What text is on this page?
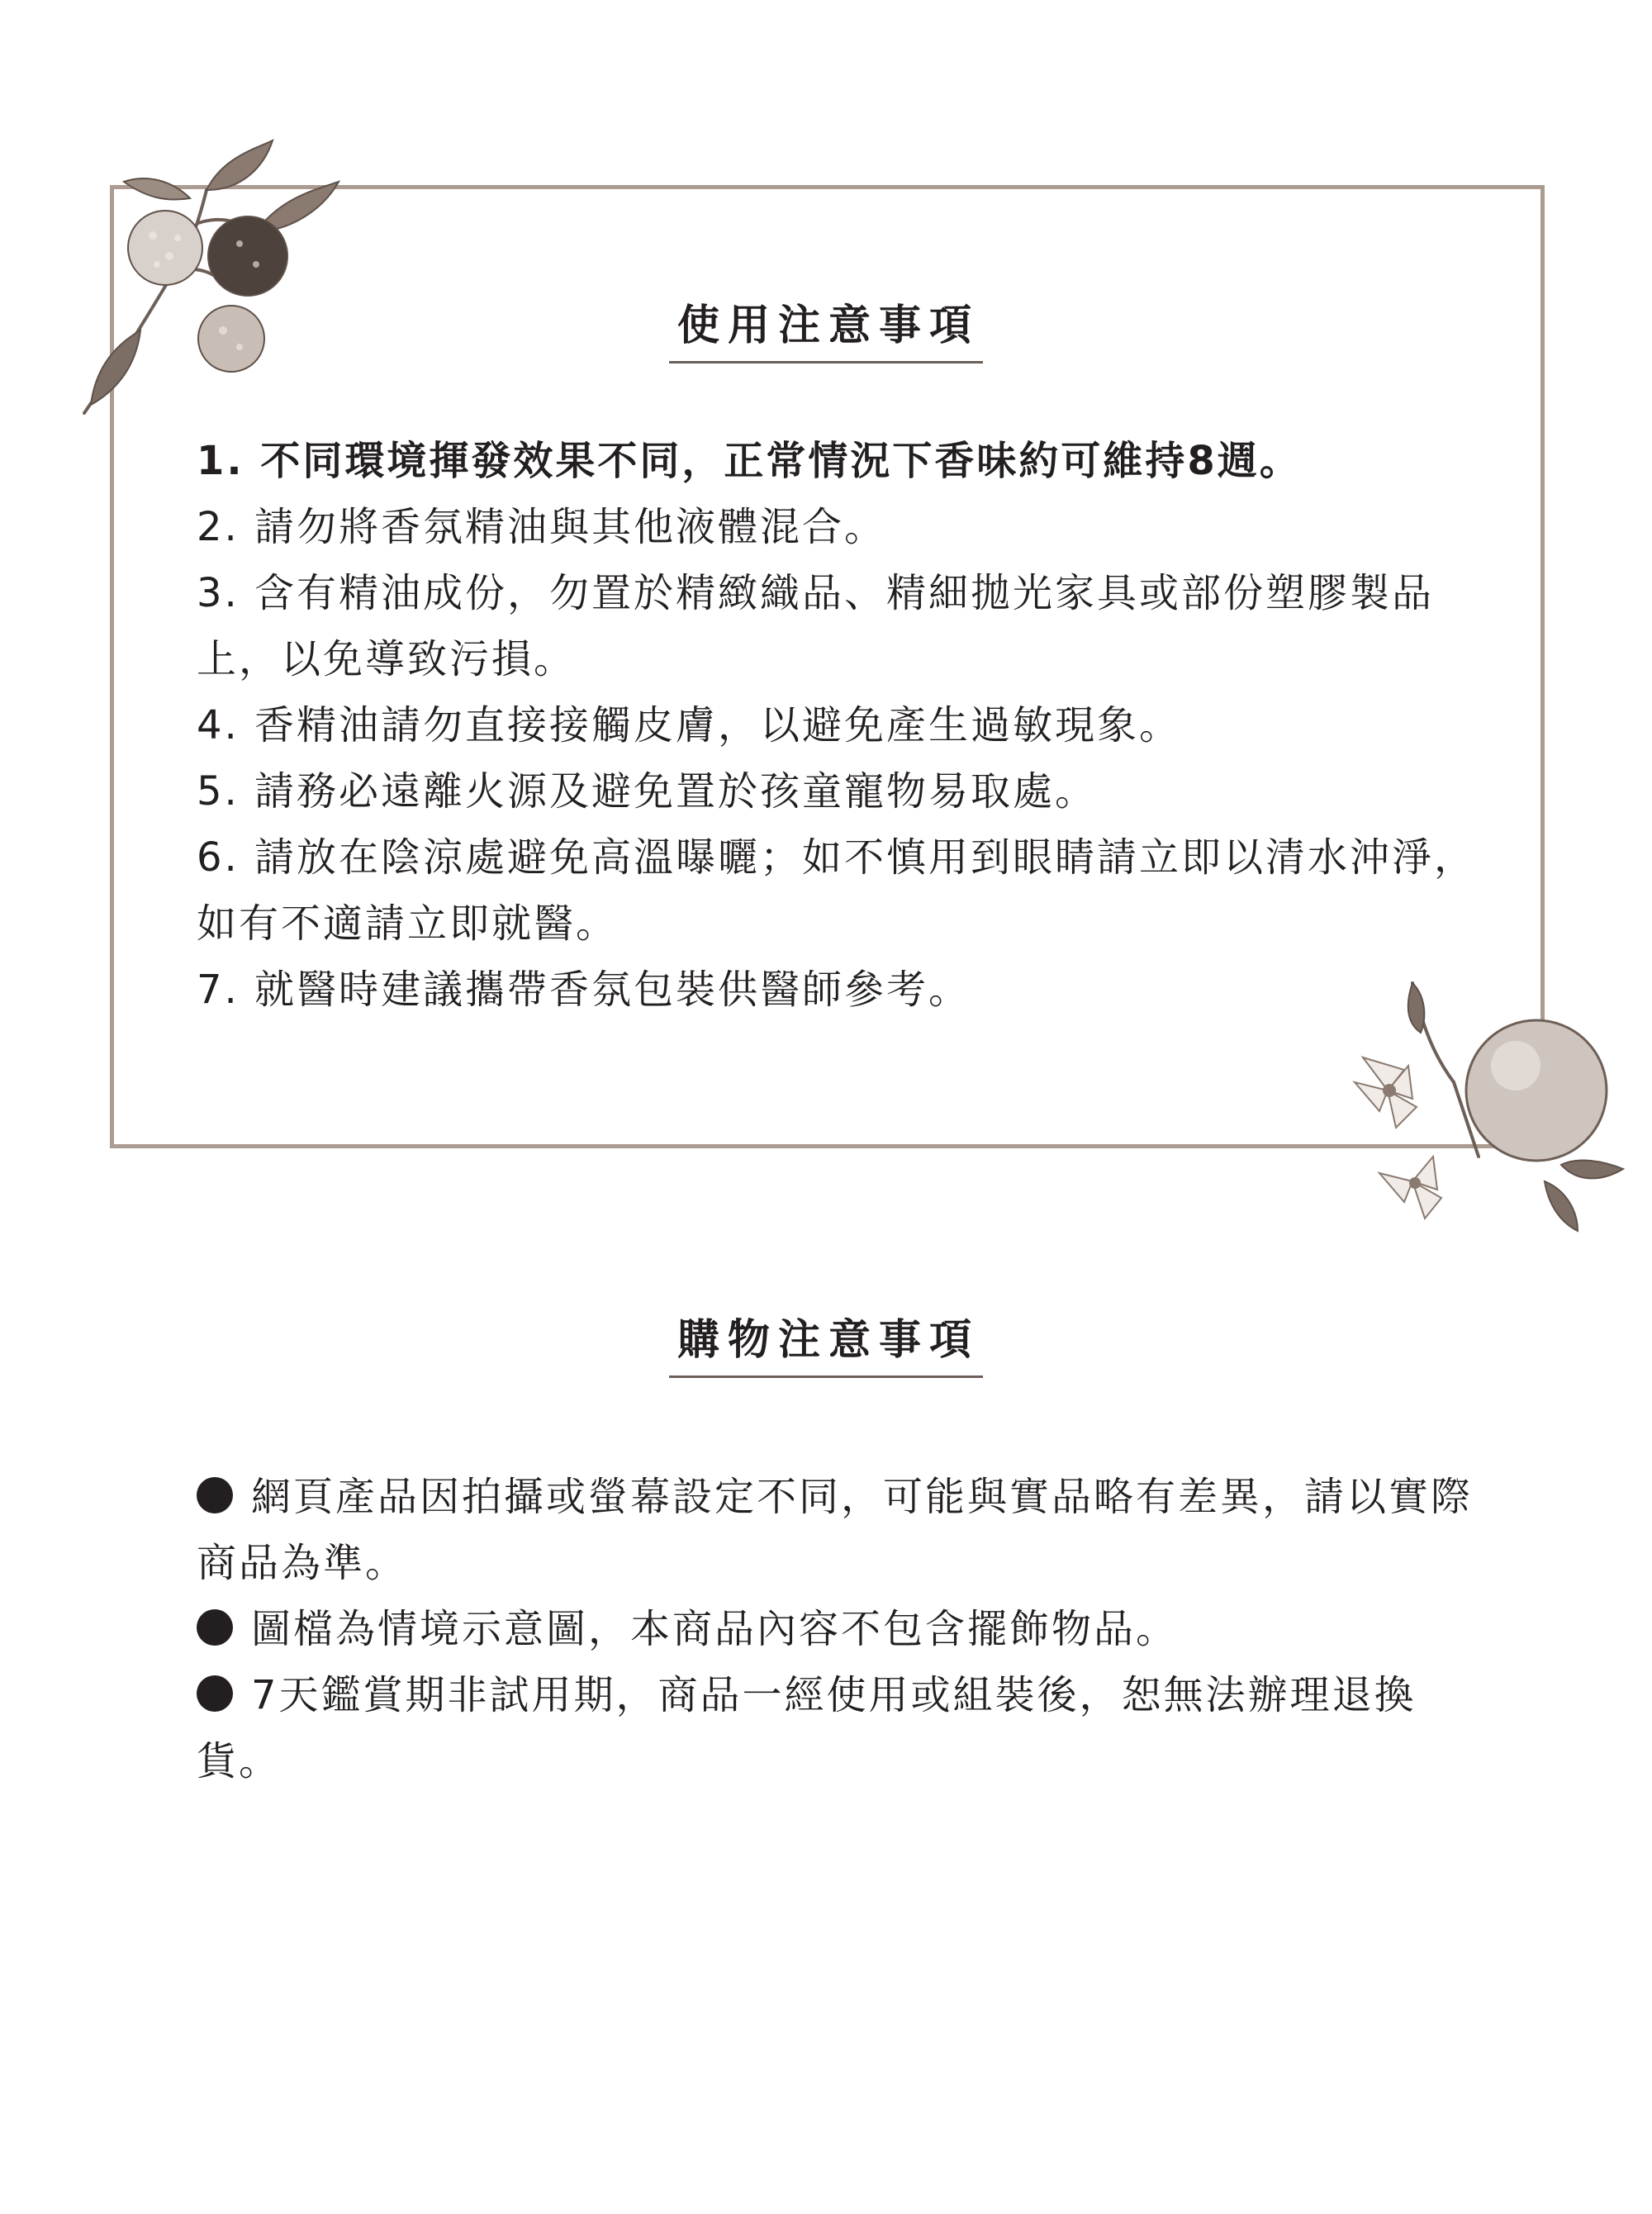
使用注意事項

1. 不同環境揮發效果不同，正常情況下香味約可維持8週。

2. 請勿將香氛精油與其他液體混合。

3. 含有精油成份，勿置於精緻織品、精細拋光家具或部份塑膠製品上，以免導致污損。

4. 香精油請勿直接接觸皮膚，以避免產生過敏現象。

5. 請務必遠離火源及避免置於孩童寵物易取處。

6. 請放在陰涼處避免高溫曝曬；如不慎用到眼睛請立即以清水沖淨，如有不適請立即就醫。

7. 就醫時建議攜帶香氛包裝供醫師參考。

購物注意事項

網頁產品因拍攝或螢幕設定不同，可能與實品略有差異，請以實際商品為準。

圖檔為情境示意圖，本商品內容不包含擺飾物品。

7天鑑賞期非試用期，商品一經使用或組裝後，恕無法辦理退換貨。
